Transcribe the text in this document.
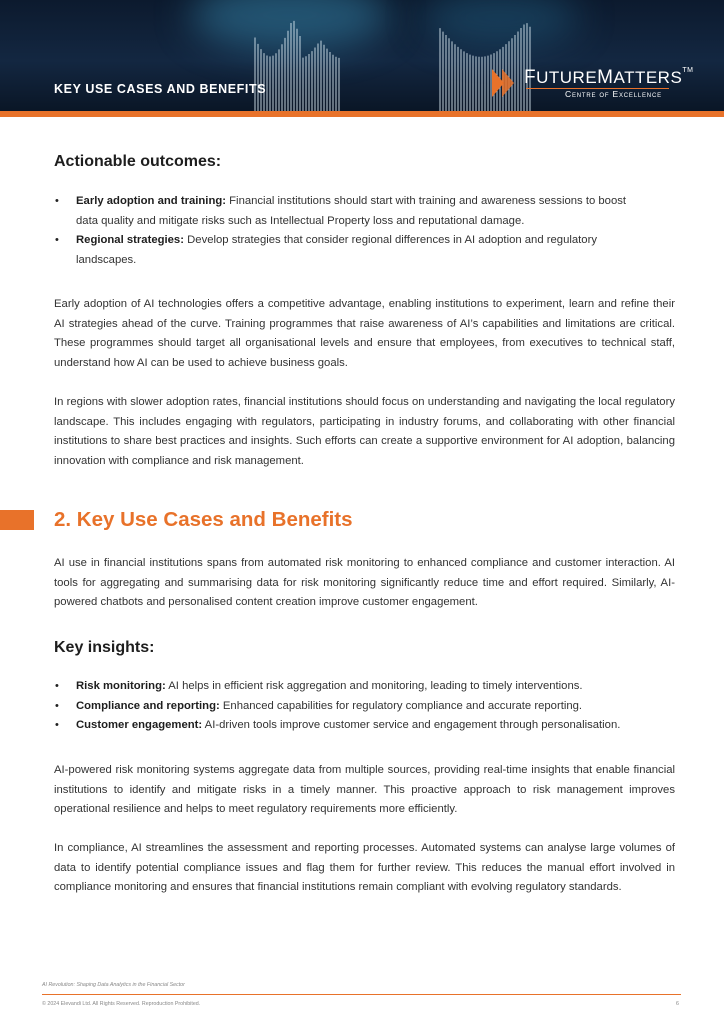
KEY USE CASES AND BENEFITS
FUTUREMATTERS™
Centre of Excellence
Actionable outcomes:
• Early adoption and training: Financial institutions should start with training and awareness sessions to boost data quality and mitigate risks such as Intellectual Property loss and reputational damage.
• Regional strategies: Develop strategies that consider regional differences in AI adoption and regulatory landscapes.

Early adoption of AI technologies offers a competitive advantage, enabling institutions to experiment, learn and refine their AI strategies ahead of the curve. Training programmes that raise awareness of AI’s capabilities and limitations are critical. These programmes should target all organisational levels and ensure that employees, from executives to technical staff, understand how AI can be used to achieve business goals.

In regions with slower adoption rates, financial institutions should focus on understanding and navigating the local regulatory landscape. This includes engaging with regulators, participating in industry forums, and collaborating with other financial institutions to share best practices and insights. Such efforts can create a supportive environment for AI adoption, balancing innovation with compliance and risk management.

2. Key Use Cases and Benefits

AI use in financial institutions spans from automated risk monitoring to enhanced compliance and customer interaction. AI tools for aggregating and summarising data for risk monitoring significantly reduce time and effort required. Similarly, AI-powered chatbots and personalised content creation improve customer engagement.

Key insights:
• Risk monitoring: AI helps in efficient risk aggregation and monitoring, leading to timely interventions.
• Compliance and reporting: Enhanced capabilities for regulatory compliance and accurate reporting.
• Customer engagement: AI-driven tools improve customer service and engagement through personalisation.

AI-powered risk monitoring systems aggregate data from multiple sources, providing real-time insights that enable financial institutions to identify and mitigate risks in a timely manner. This proactive approach to risk management improves operational resilience and helps to meet regulatory requirements more efficiently.

In compliance, AI streamlines the assessment and reporting processes. Automated systems can analyse large volumes of data to identify potential compliance issues and flag them for further review. This reduces the manual effort involved in compliance monitoring and ensures that financial institutions remain compliant with evolving regulatory standards.

AI Revolution: Shaping Data Analytics in the Financial Sector
© 2024 Elevandi Ltd. All Rights Reserved. Reproduction Prohibited.	6
